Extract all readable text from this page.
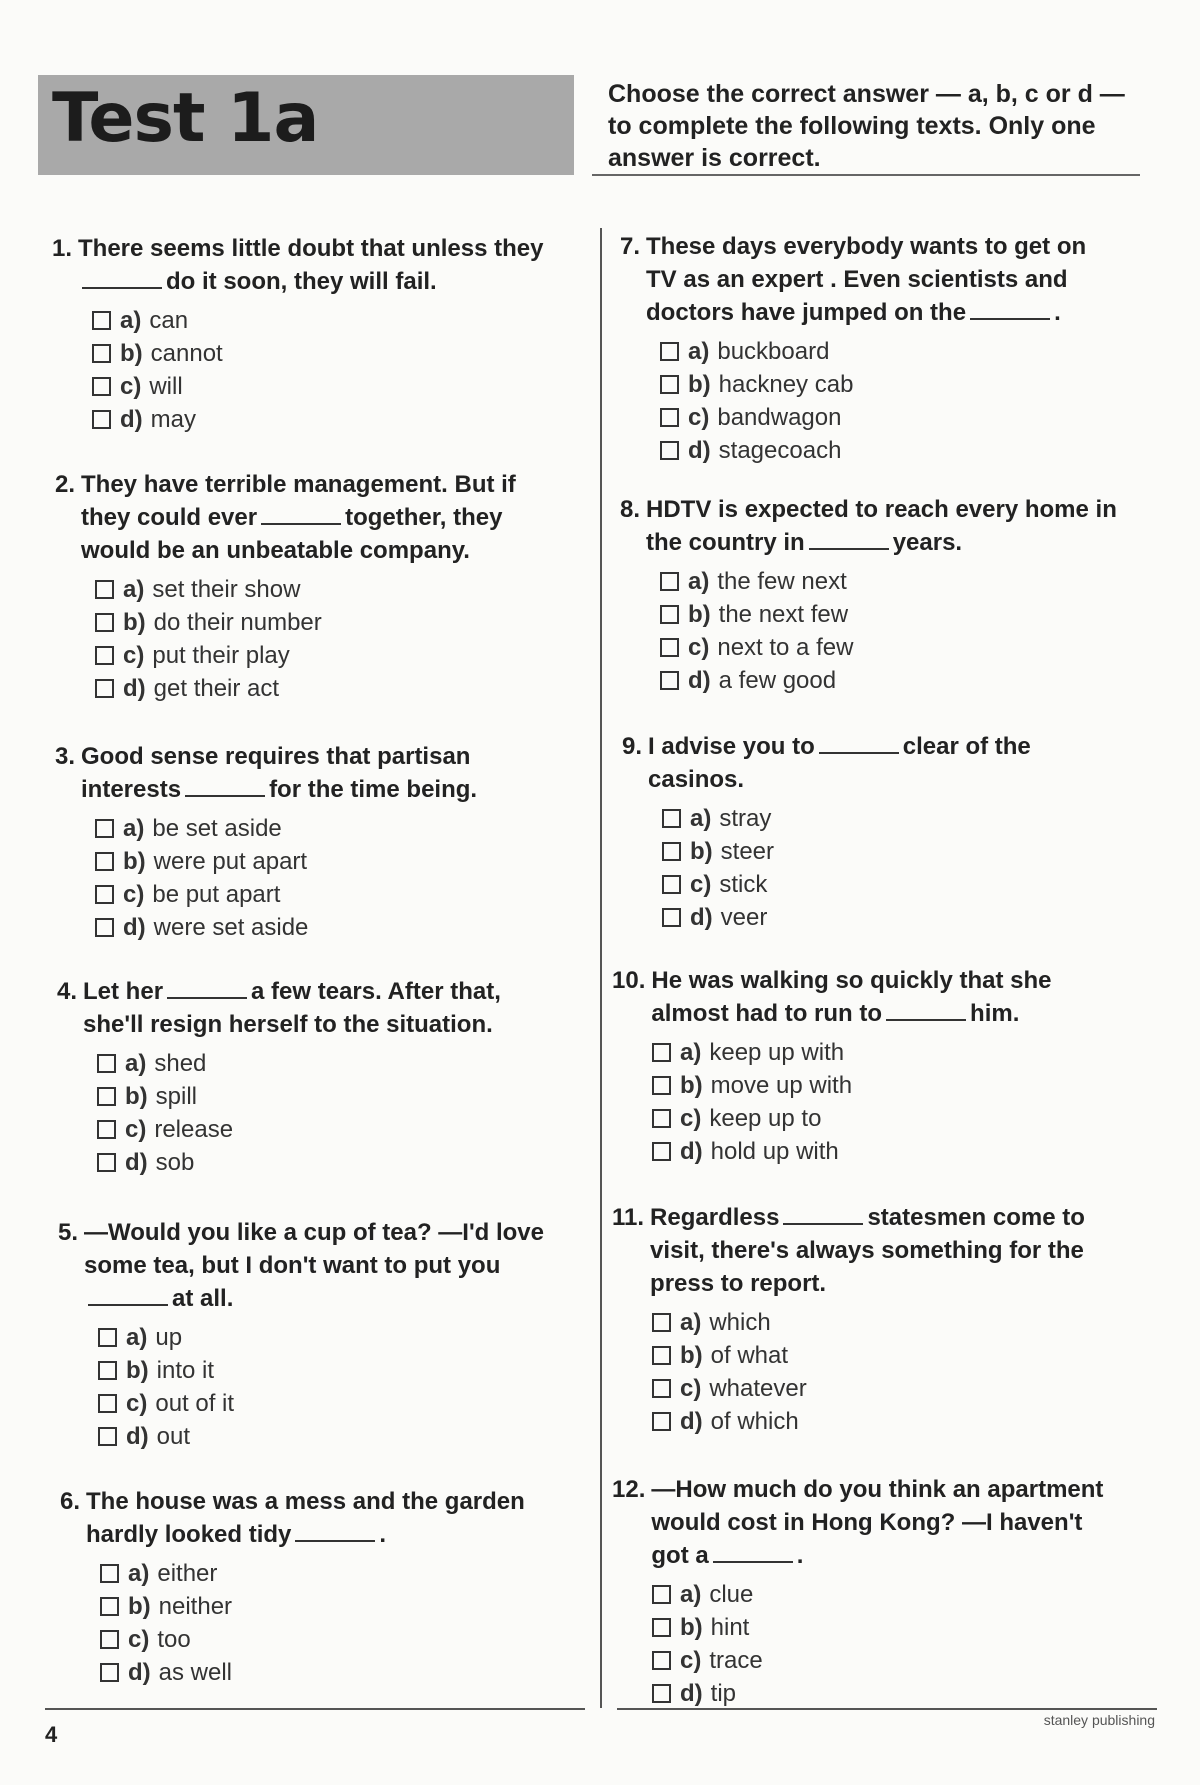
Test 1a	Choose the correct answer — a, b, c or d — to complete the following texts. Only one answer is correct.
1. There seems little doubt that unless theydo it soon, they will fail.
a) can
b) cannot
c) will
d) may
2. They have terrible management. But if they could ever	together, they would be an unbeatable company.
a) set their show
b) do their number
c) put their play
d) get their act
3. Good sense requires that partisan interests	for the time being.
a) be set aside
b) were put apart
c) be put apart
d) were set aside
4. Let her	a few tears. After that, she'll resign herself to the situation.
a) shed
b) spill
c) release
d) sob
5. —Would you like a cup of tea? —I'd love some tea, but I don't want to put youat all.
a) up
b) into it
c) out of it
d) out
6. The house was a mess and the garden hardly looked tidy	.
a) either
b) neither
c) too
d) as well
7. These days everybody wants to get on TV as an expert . Even scientists and doctors have jumped on the	.
a) buckboard
b) hackney cab
c) bandwagon
d) stagecoach
8. HDTV is expected to reach every home in the country in	years.
a) the few next
b) the next few
c) next to a few
d) a few good
9. I advise you to	clear of the casinos.
a) stray
b) steer
c) stick
d) veer
10. He was walking so quickly that she almost had to run to	him.
a) keep up with
b) move up with
c) keep up to
d) hold up with
11. Regardless	statesmen come to visit, there's always something for the press to report.
a) which
b) of what
c) whatever
d) of which
12. —How much do you think an apartment would cost in Hong Kong? —I haven't got a	.
a) clue
b) hint
c) trace
d) tip
4
stanley publishing
